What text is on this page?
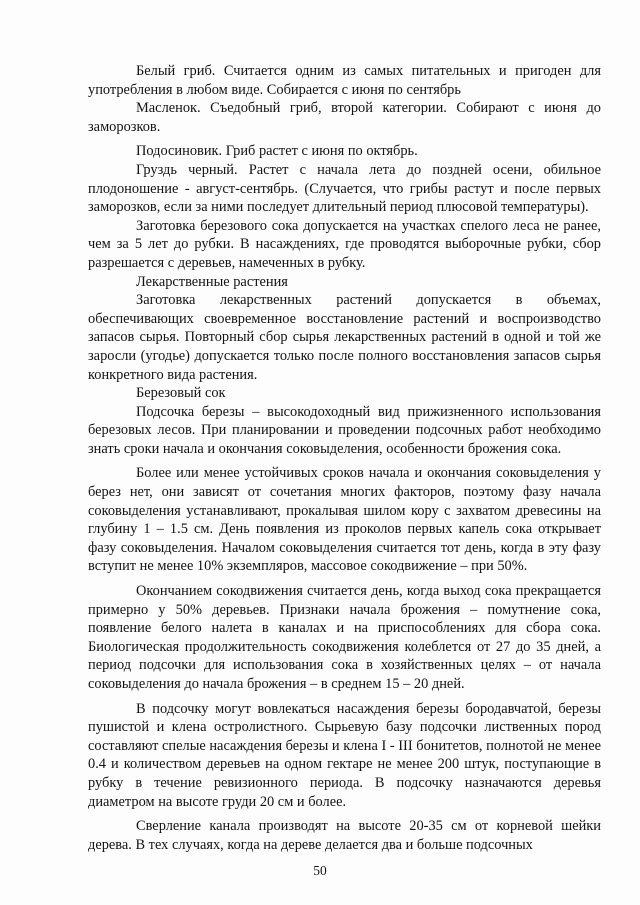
Белый гриб. Считается одним из самых питательных и пригоден для употребления в любом виде. Собирается с июня по сентябрь

Масленок. Съедобный гриб, второй категории. Собирают с июня до заморозков.

Подосиновик. Гриб растет с июня по октябрь.

Груздь черный. Растет с начала лета до поздней осени, обильное плодоношение - август-сентябрь. (Случается, что грибы растут и после первых заморозков, если за ними последует длительный период плюсовой температуры).

Заготовка березового сока допускается на участках спелого леса не ранее, чем за 5 лет до рубки. В насаждениях, где проводятся выборочные рубки, сбор разрешается с деревьев, намеченных в рубку.

Лекарственные растения

Заготовка лекарственных растений допускается в объемах, обеспечивающих своевременное восстановление растений и воспроизводство запасов сырья. Повторный сбор сырья лекарственных растений в одной и той же заросли (угодье) допускается только после полного восстановления запасов сырья конкретного вида растения.

Березовый сок

Подсочка березы – высокодоходный вид прижизненного использования березовых лесов. При планировании и проведении подсочных работ необходимо знать сроки начала и окончания соковыделения, особенности брожения сока.

Более или менее устойчивых сроков начала и окончания соковыделения у берез нет, они зависят от сочетания многих факторов, поэтому фазу начала соковыделения устанавливают, прокалывая шилом кору с захватом древесины на глубину 1 – 1.5 см. День появления из проколов первых капель сока открывает фазу соковыделения. Началом соковыделения считается тот день, когда в эту фазу вступит не менее 10% экземпляров, массовое сокодвижение – при 50%.

Окончанием сокодвижения считается день, когда выход сока прекращается примерно у 50% деревьев. Признаки начала брожения – помутнение сока, появление белого налета в каналах и на приспособлениях для сбора сока. Биологическая продолжительность сокодвижения колеблется от 27 до 35 дней, а период подсочки для использования сока в хозяйственных целях – от начала соковыделения до начала брожения – в среднем 15 – 20 дней.

В подсочку могут вовлекаться насаждения березы бородавчатой, березы пушистой и клена остролистного. Сырьевую базу подсочки лиственных пород составляют спелые насаждения березы и клена I - III бонитетов, полнотой не менее 0.4 и количеством деревьев на одном гектаре не менее 200 штук, поступающие в рубку в течение ревизионного периода. В подсочку назначаются деревья диаметром на высоте груди 20 см и более.

Сверление канала производят на высоте 20-35 см от корневой шейки дерева. В тех случаях, когда на дереве делается два и больше подсочных

50
